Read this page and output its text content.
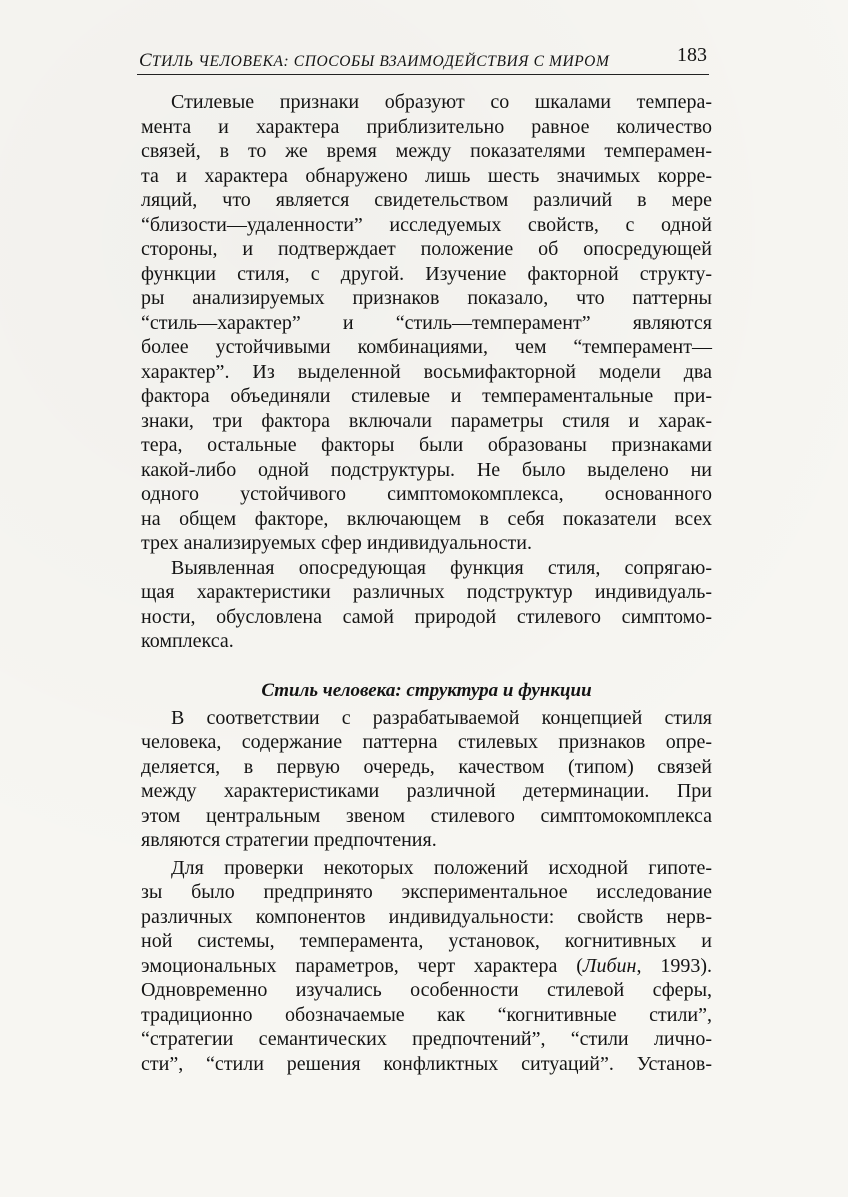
СТИЛЬ ЧЕЛОВЕКА: СПОСОБЫ ВЗАИМОДЕЙСТВИЯ С МИРОМ	183
Стилевые признаки образуют со шкалами темпера-
мента и характера приблизительно равное количество
связей, в то же время между показателями темперамен-
та и характера обнаружено лишь шесть значимых корре-
ляций, что является свидетельством различий в мере
“близости—удаленности” исследуемых свойств, с одной
стороны, и подтверждает положение об опосредующей
функции стиля, с другой. Изучение факторной структу-
ры анализируемых признаков показало, что паттерны
“стиль—характер” и “стиль—темперамент” являются
более устойчивыми комбинациями, чем “темперамент—
характер”. Из выделенной восьмифакторной модели два
фактора объединяли стилевые и темпераментальные при-
знаки, три фактора включали параметры стиля и харак-
тера, остальные факторы были образованы признаками
какой-либо одной подструктуры. Не было выделено ни
одного устойчивого симптомокомплекса, основанного
на общем факторе, включающем в себя показатели всех
трех анализируемых сфер индивидуальности.
Выявленная опосредующая функция стиля, сопрягаю-
щая характеристики различных подструктур индивидуаль-
ности, обусловлена самой природой стилевого симптомо-
комплекса.
Стиль человека: структура и функции
В соответствии с разрабатываемой концепцией стиля
человека, содержание паттерна стилевых признаков опре-
деляется, в первую очередь, качеством (типом) связей
между характеристиками различной детерминации. При
этом центральным звеном стилевого симптомокомплекса
являются стратегии предпочтения.
Для проверки некоторых положений исходной гипоте-
зы было предпринято экспериментальное исследование
различных компонентов индивидуальности: свойств нерв-
ной системы, темперамента, установок, когнитивных и
эмоциональных параметров, черт характера (Либин, 1993).
Одновременно изучались особенности стилевой сферы,
традиционно обозначаемые как “когнитивные стили”,
“стратегии семантических предпочтений”, “стили лично-
сти”, “стили решения конфликтных ситуаций”. Установ-
